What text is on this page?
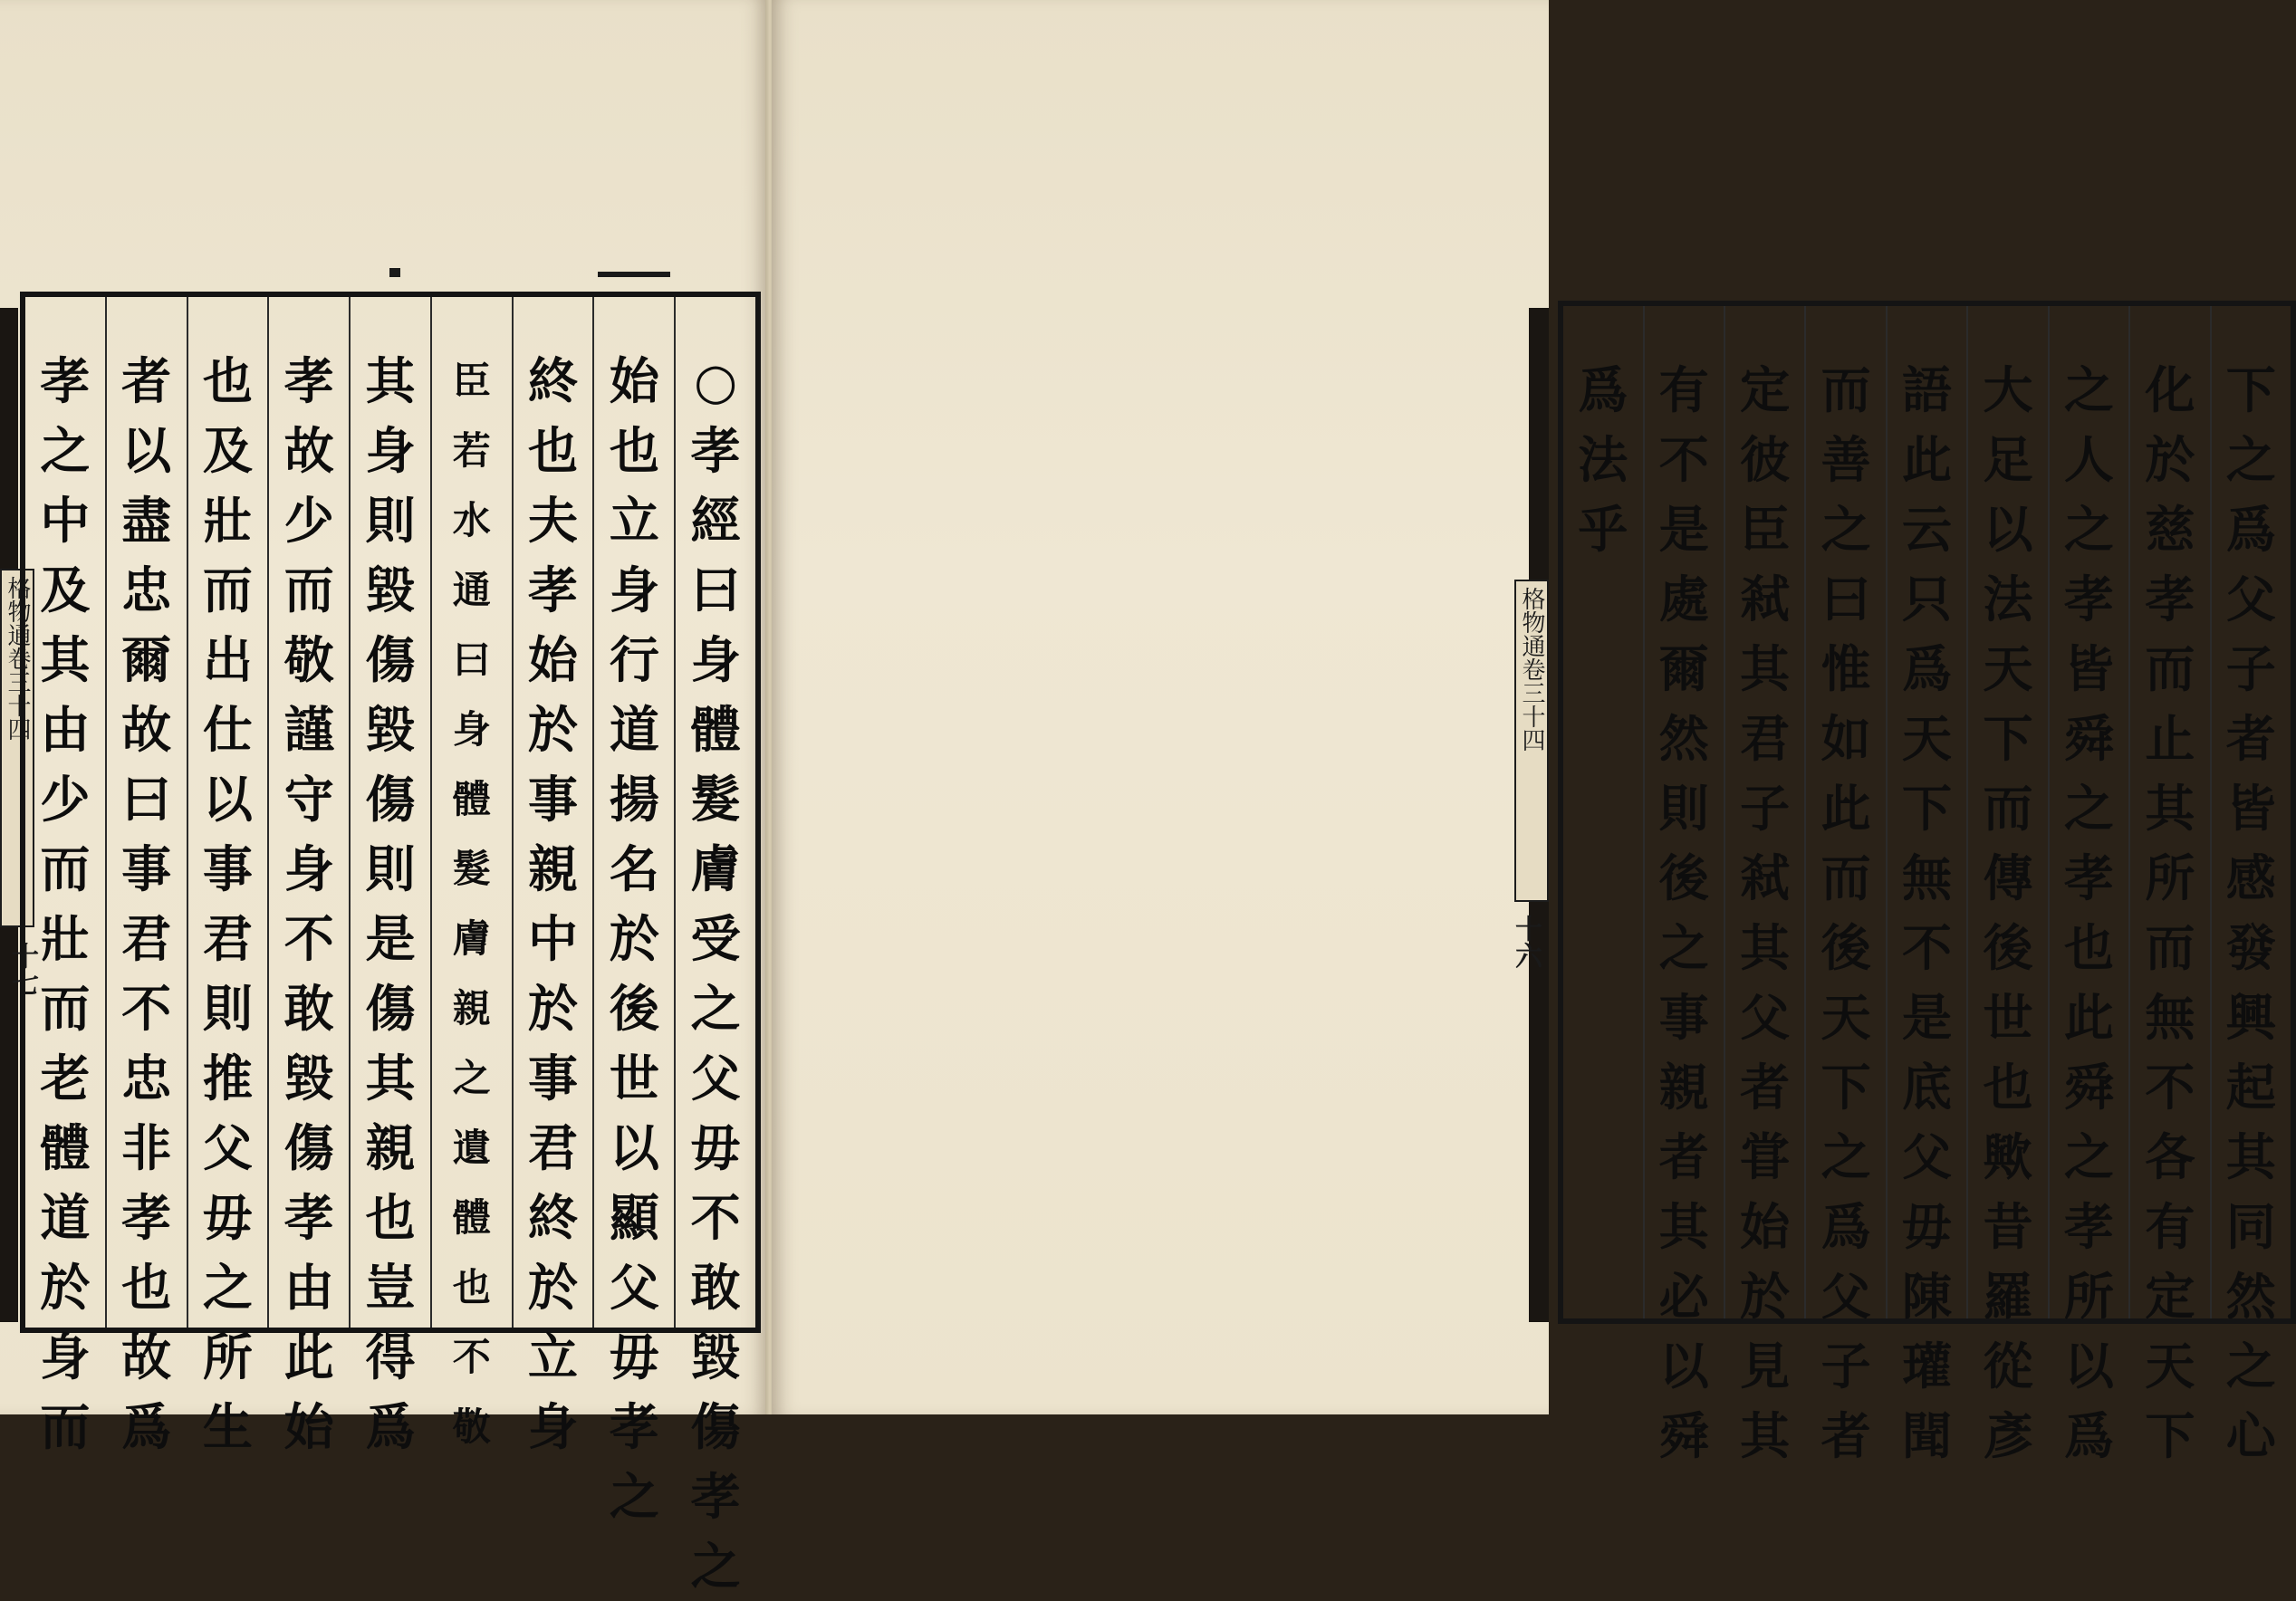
格物通卷三十四
十七
○
孝
經
曰
身
體
髮
膚
受
之
父
毋
不
敢
毀
傷
孝
之
始
也
立
身
行
道
揚
名
於
後
世
以
顯
父
毋
孝
之
終
也
夫
孝
始
於
事
親
中
於
事
君
終
於
立
身
臣
若
水
通
曰
身
體
髮
膚
親
之
遺
體
也
不
敬
其
身
則
毀
傷
毀
傷
則
是
傷
其
親
也
豈
得
爲
孝
故
少
而
敬
謹
守
身
不
敢
毀
傷
孝
由
此
始
也
及
壯
而
出
仕
以
事
君
則
推
父
毋
之
所
生
者
以
盡
忠
爾
故
曰
事
君
不
忠
非
孝
也
故
爲
孝
之
中
及
其
由
少
而
壯
而
老
體
道
於
身
而
格物通卷三十四
十六
下
之
爲
父
子
者
皆
感
發
興
起
其
同
然
之
心
化
於
慈
孝
而
止
其
所
而
無
不
各
有
定
天
下
之
人
之
孝
皆
舜
之
孝
也
此
舜
之
孝
所
以
爲
大
足
以
法
天
下
而
傳
後
世
也
歟
昔
羅
從
彥
語
此
云
只
爲
天
下
無
不
是
底
父
毋
陳
瓘
聞
而
善
之
曰
惟
如
此
而
後
天
下
之
爲
父
子
者
定
彼
臣
弒
其
君
子
弒
其
父
者
甞
始
於
見
其
有
不
是
處
爾
然
則
後
之
事
親
者
其
必
以
舜
爲
法
乎
